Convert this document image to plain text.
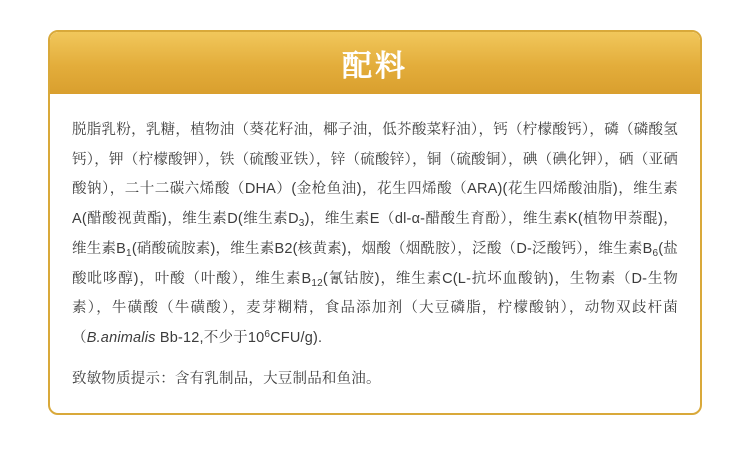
配料
脱脂乳粉，乳糖，植物油（葵花籽油，椰子油，低芥酸菜籽油），钙（柠檬酸钙），磷（磷酸氢钙），钾（柠檬酸钾），铁（硫酸亚铁），锌（硫酸锌），铜（硫酸铜），碘（碘化钾），硒（亚硒酸钠），二十二碳六烯酸（DHA）(金枪鱼油)，花生四烯酸（ARA)(花生四烯酸油脂)，维生素A(醋酸视黄酯)，维生素D(维生素$D_3$)，维生素E（dl-α-醋酸生育酚），维生素K(植物甲萘醌)，维生素$B_1$(硝酸硫胺素)，维生素B2(核黄素)，烟酸（烟酰胺），泛酸（D-泛酸钙），维生素$B_6$(盐酸吡哆醇)，叶酸（叶酸），维生素$B_{12}$(氰钴胺)，维生素C(L-抗坏血酸钠)，生物素（D-生物素），牛磺酸（牛磺酸），麦芽糊精，食品添加剂（大豆磷脂，柠檬酸钠），动物双歧杆菌（B.animalis Bb-12,不少于$10^6CFU/g$).
致敏物质提示：含有乳制品，大豆制品和鱼油。
